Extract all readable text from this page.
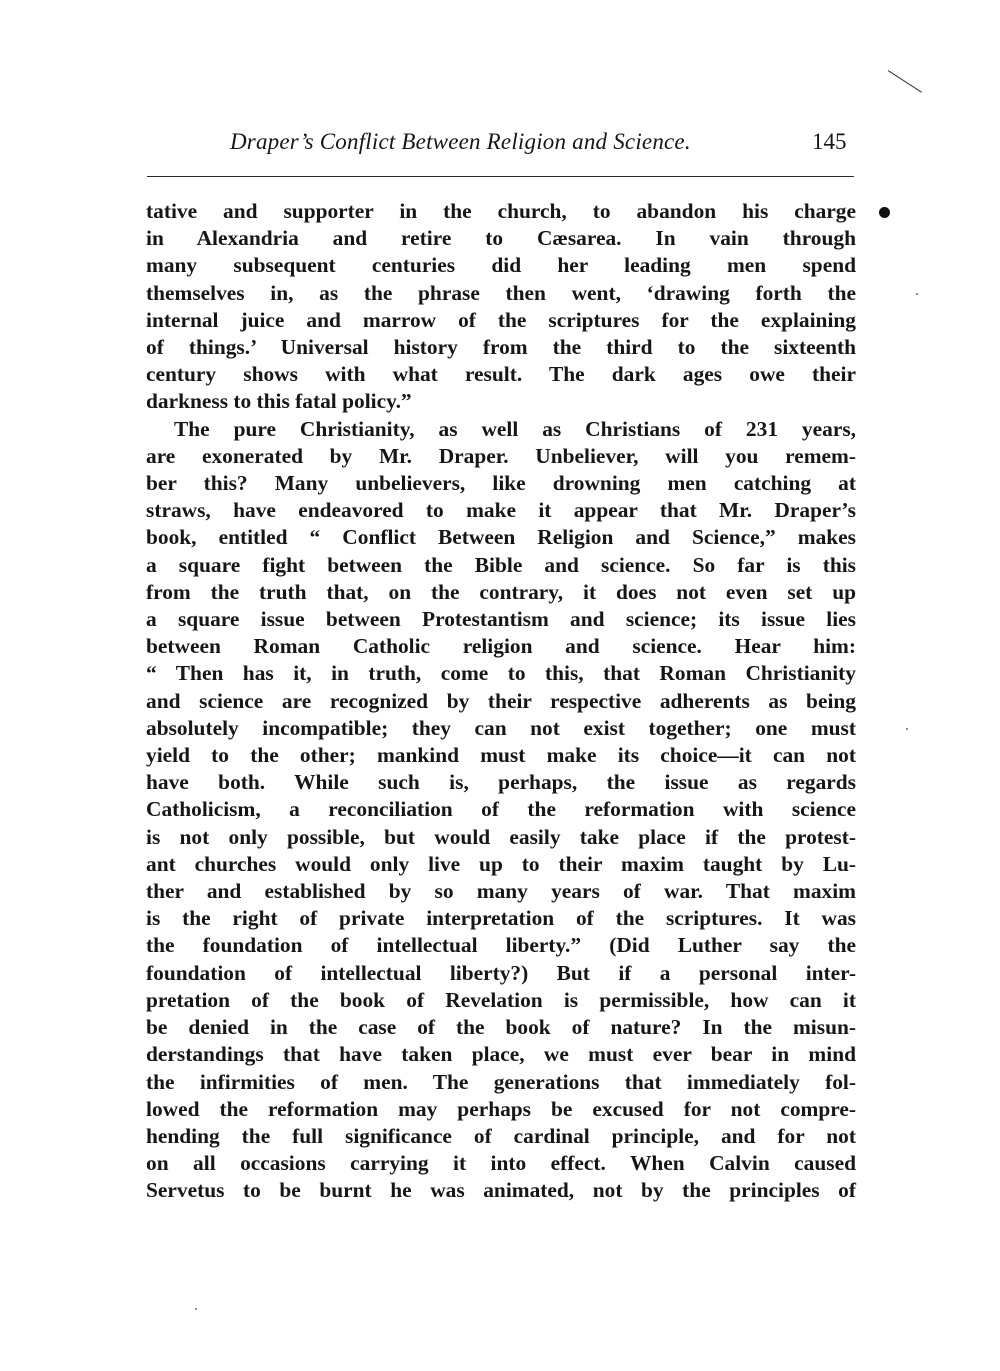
Draper’s Conflict Between Religion and Science.	145
tative and supporter in the church, to abandon his charge
in Alexandria and retire to Cæsarea. In vain through
many subsequent centuries did her leading men spend
themselves in, as the phrase then went, ‘drawing forth the
internal juice and marrow of the scriptures for the explaining
of things.’ Universal history from the third to the sixteenth
century shows with what result. The dark ages owe their
darkness to this fatal policy.”
The pure Christianity, as well as Christians of 231 years,
are exonerated by Mr. Draper. Unbeliever, will you remem-
ber this? Many unbelievers, like drowning men catching at
straws, have endeavored to make it appear that Mr. Draper’s
book, entitled “ Conflict Between Religion and Science,” makes
a square fight between the Bible and science. So far is this
from the truth that, on the contrary, it does not even set up
a square issue between Protestantism and science; its issue lies
between Roman Catholic religion and science. Hear him:
“ Then has it, in truth, come to this, that Roman Christianity
and science are recognized by their respective adherents as being
absolutely incompatible; they can not exist together; one must
yield to the other; mankind must make its choice—it can not
have both. While such is, perhaps, the issue as regards
Catholicism, a reconciliation of the reformation with science
is not only possible, but would easily take place if the protest-
ant churches would only live up to their maxim taught by Lu-
ther and established by so many years of war. That maxim
is the right of private interpretation of the scriptures. It was
the foundation of intellectual liberty.” (Did Luther say the
foundation of intellectual liberty?) But if a personal inter-
pretation of the book of Revelation is permissible, how can it
be denied in the case of the book of nature? In the misun-
derstandings that have taken place, we must ever bear in mind
the infirmities of men. The generations that immediately fol-
lowed the reformation may perhaps be excused for not compre-
hending the full significance of cardinal principle, and for not
on all occasions carrying it into effect. When Calvin caused
Servetus to be burnt he was animated, not by the principles of
